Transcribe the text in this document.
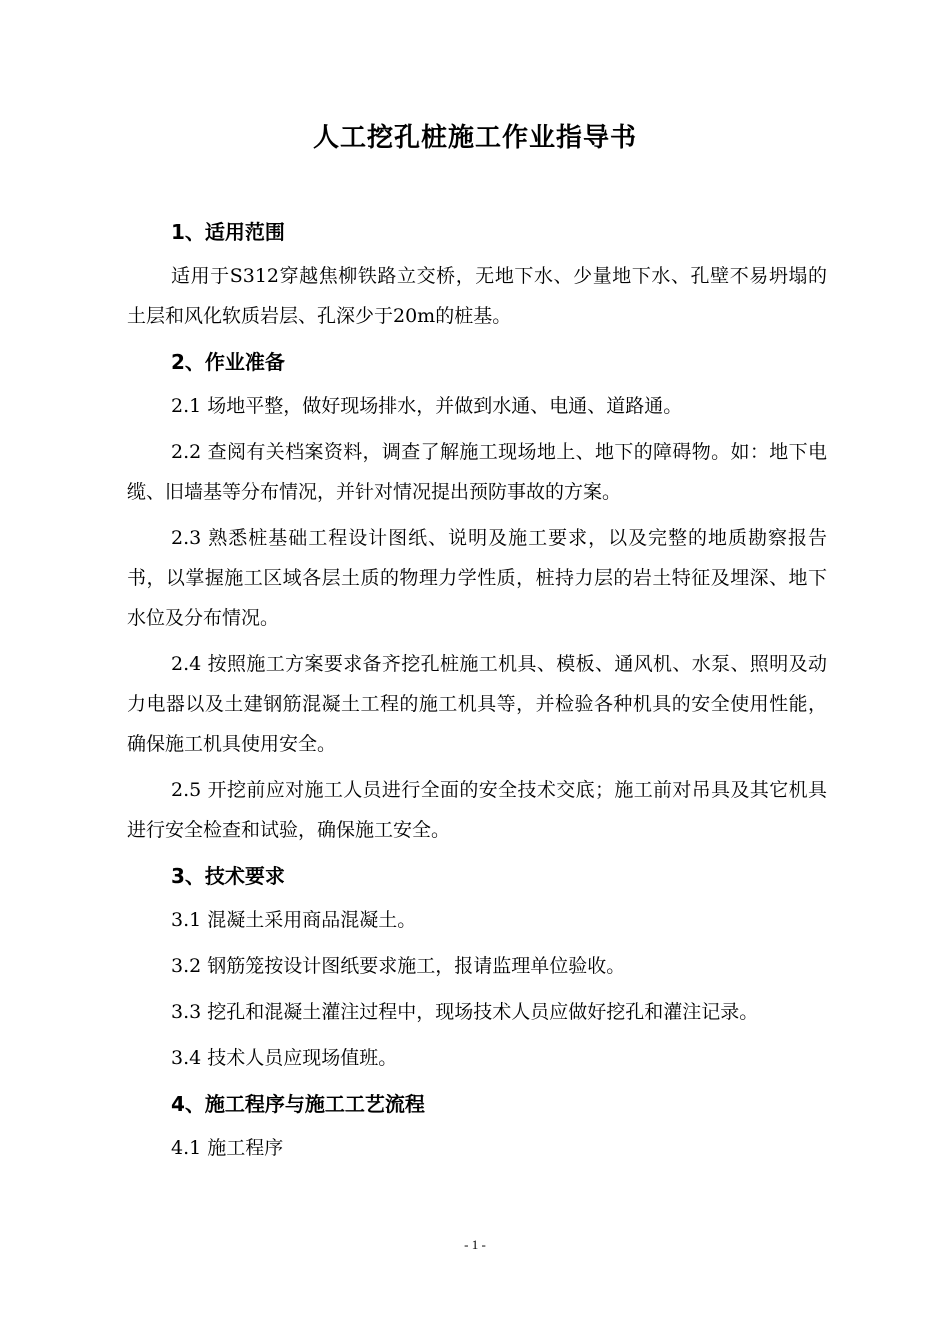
人工挖孔桩施工作业指导书
1、适用范围

适用于S312穿越焦柳铁路立交桥，无地下水、少量地下水、孔壁不易坍塌的土层和风化软质岩层、孔深少于20m的桩基。

2、作业准备

2.1 场地平整，做好现场排水，并做到水通、电通、道路通。

2.2 查阅有关档案资料，调查了解施工现场地上、地下的障碍物。如：地下电缆、旧墙基等分布情况，并针对情况提出预防事故的方案。

2.3 熟悉桩基础工程设计图纸、说明及施工要求，以及完整的地质勘察报告书，以掌握施工区域各层土质的物理力学性质，桩持力层的岩土特征及埋深、地下水位及分布情况。

2.4 按照施工方案要求备齐挖孔桩施工机具、模板、通风机、水泵、照明及动力电器以及土建钢筋混凝土工程的施工机具等，并检验各种机具的安全使用性能，确保施工机具使用安全。

2.5 开挖前应对施工人员进行全面的安全技术交底；施工前对吊具及其它机具进行安全检查和试验，确保施工安全。

3、技术要求

3.1 混凝土采用商品混凝土。

3.2 钢筋笼按设计图纸要求施工，报请监理单位验收。

3.3 挖孔和混凝土灌注过程中，现场技术人员应做好挖孔和灌注记录。

3.4 技术人员应现场值班。

4、施工程序与施工工艺流程

4.1 施工程序

- 1 -
